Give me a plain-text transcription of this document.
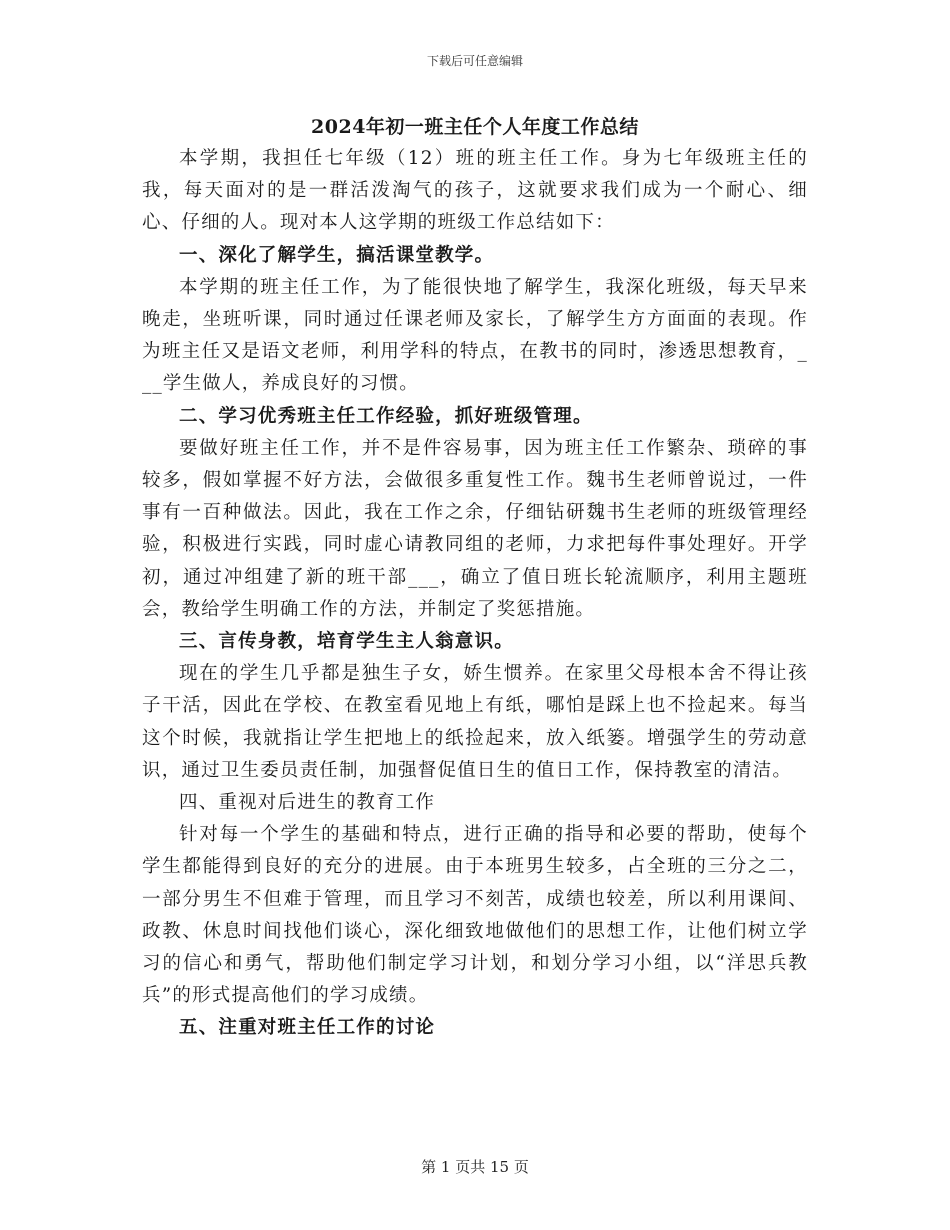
下载后可任意编辑
2024年初一班主任个人年度工作总结

本学期，我担任七年级（12）班的班主任工作。身为七年级班主任的我，每天面对的是一群活泼淘气的孩子，这就要求我们成为一个耐心、细心、仔细的人。现对本人这学期的班级工作总结如下：

一、深化了解学生，搞活课堂教学。

本学期的班主任工作，为了能很快地了解学生，我深化班级，每天早来晚走，坐班听课，同时通过任课老师及家长，了解学生方方面面的表现。作为班主任又是语文老师，利用学科的特点，在教书的同时，渗透思想教育，___学生做人，养成良好的习惯。

二、学习优秀班主任工作经验，抓好班级管理。

要做好班主任工作，并不是件容易事，因为班主任工作繁杂、琐碎的事较多，假如掌握不好方法，会做很多重复性工作。魏书生老师曾说过，一件事有一百种做法。因此，我在工作之余，仔细钻研魏书生老师的班级管理经验，积极进行实践，同时虚心请教同组的老师，力求把每件事处理好。开学初，通过冲组建了新的班干部___，确立了值日班长轮流顺序，利用主题班会，教给学生明确工作的方法，并制定了奖惩措施。

三、言传身教，培育学生主人翁意识。

现在的学生几乎都是独生子女，娇生惯养。在家里父母根本舍不得让孩子干活，因此在学校、在教室看见地上有纸，哪怕是踩上也不捡起来。每当这个时候，我就指让学生把地上的纸捡起来，放入纸篓。增强学生的劳动意识，通过卫生委员责任制，加强督促值日生的值日工作，保持教室的清洁。

四、重视对后进生的教育工作

针对每一个学生的基础和特点，进行正确的指导和必要的帮助，使每个学生都能得到良好的充分的进展。由于本班男生较多，占全班的三分之二，一部分男生不但难于管理，而且学习不刻苦，成绩也较差，所以利用课间、政教、休息时间找他们谈心，深化细致地做他们的思想工作，让他们树立学习的信心和勇气，帮助他们制定学习计划，和划分学习小组，以“洋思兵教兵”的形式提高他们的学习成绩。

五、注重对班主任工作的讨论

第 1 页共 15 页
